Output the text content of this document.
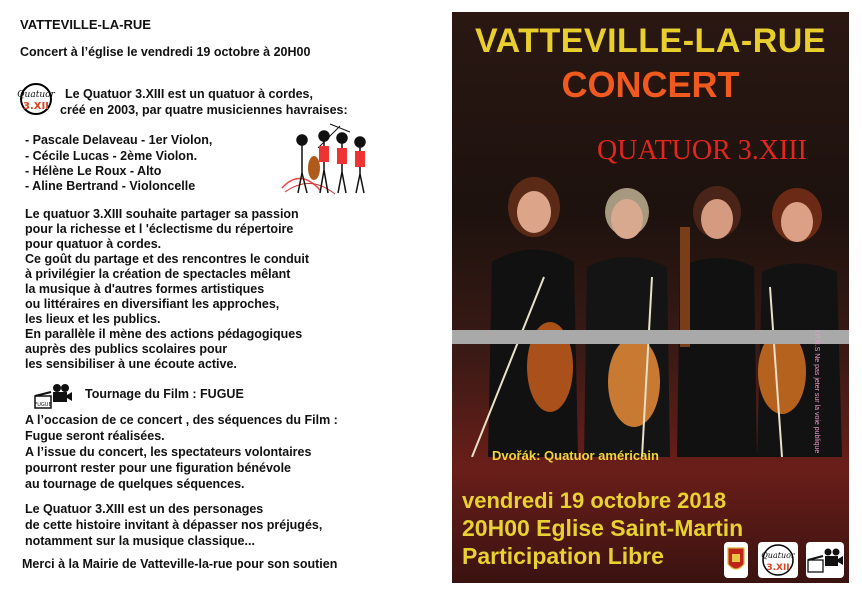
VATTEVILLE-LA-RUE
Concert à l’église le vendredi 19 octobre à 20H00
Quatuor
3.XII
Le Quatuor 3.XIII est un quatuor à cordes,
créé en 2003, par quatre musiciennes havraises:
- Pascale Delaveau - 1er Violon,
- Cécile Lucas - 2ème Violon.
- Hélène Le Roux - Alto
- Aline Bertrand - Violoncelle
Le quatuor 3.XIII souhaite partager sa passion
pour la richesse et l 'éclectisme du répertoire
pour quatuor à cordes.
Ce goût du partage et des rencontres le conduit
à privilégier la création de spectacles mêlant
la musique à d'autres formes artistiques
ou littéraires en diversifiant les approches,
les lieux et les publics.
En parallèle il mène des actions pédagogiques
auprès des publics scolaires pour
les sensibiliser à une écoute active.
FUGUE
Tournage du Film : FUGUE
A l’occasion de ce concert , des séquences du Film :
Fugue seront réalisées.
A l’issue du concert, les spectateurs volontaires
pourront rester pour une figuration bénévole
au tournage de quelques séquences.
Le Quatuor 3.XIII est un des personages
de cette histoire invitant à dépasser nos préjugés,
notamment sur la musique classique...
Merci à la Mairie de Vatteville-la-rue pour son soutien
VATTEVILLE-LA-RUE
CONCERT
QUATUOR 3.XIII
Dvořák: Quatuor américain
vendredi 19 octobre 2018
20H00 Eglise Saint-Martin
Participation Libre	Quatuor
3.XII
I.P.N.S Ne pas jeter sur la voie publique
